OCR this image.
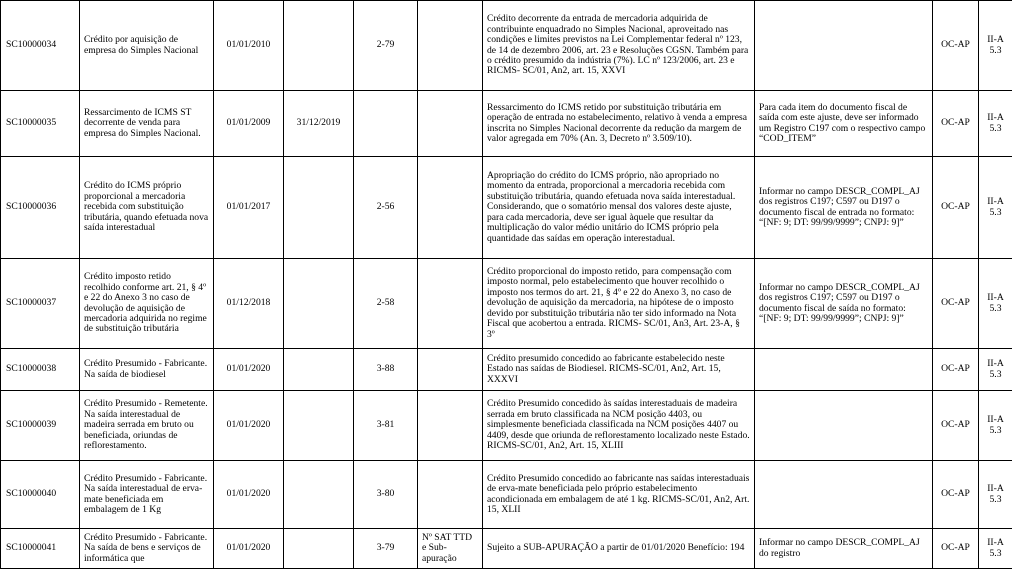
SC10000034	Crédito por aquisição de empresa do Simples Nacional	01/01/2010		2-79		Crédito decorrente da entrada de mercadoria adquirida de contribuinte enquadrado no Simples Nacional, aproveitado nas condições e limites previstos na Lei Complementar federal nº 123, de 14 de dezembro 2006, art. 23 e Resoluções CGSN. Também para o crédito presumido da indústria (7%). LC nº 123/2006, art. 23 e RICMS- SC/01, An2, art. 15, XXVI		OC-AP	II-A 5.3
SC10000035	Ressarcimento de ICMS ST decorrente de venda para empresa do Simples Nacional.	01/01/2009	31/12/2019			Ressarcimento do ICMS retido por substituição tributária em operação de entrada no estabelecimento, relativo à venda a empresa inscrita no Simples Nacional decorrente da redução da margem de valor agregada em 70% (An. 3, Decreto nº 3.509/10).	Para cada item do documento fiscal de saída com este ajuste, deve ser informado um Registro C197 com o respectivo campo “COD_ITEM”	OC-AP	II-A 5.3
SC10000036	Crédito do ICMS próprio proporcional a mercadoria recebida com substituição tributária, quando efetuada nova saída interestadual	01/01/2017		2-56		Apropriação do crédito do ICMS próprio, não apropriado no momento da entrada, proporcional a mercadoria recebida com substituição tributária, quando efetuada nova saída interestadual. Considerando, que o somatório mensal dos valores deste ajuste, para cada mercadoria, deve ser igual àquele que resultar da multiplicação do valor médio unitário do ICMS próprio pela quantidade das saídas em operação interestadual.	Informar no campo DESCR_COMPL_AJ dos registros C197; C597 ou D197 o documento fiscal de entrada no formato: “[NF: 9; DT: 99/99/9999”; CNPJ: 9]”	OC-AP	II-A 5.3
SC10000037	Crédito imposto retido recolhido conforme art. 21, § 4º e 22 do Anexo 3 no caso de devolução de aquisição de mercadoria adquirida no regime de substituição tributária	01/12/2018		2-58		Crédito proporcional do imposto retido, para compensação com imposto normal, pelo estabelecimento que houver recolhido o imposto nos termos do art. 21, § 4º e 22 do Anexo 3, no caso de devolução de aquisição da mercadoria, na hipótese de o imposto devido por substituição tributária não ter sido informado na Nota Fiscal que acobertou a entrada. RICMS- SC/01, An3, Art. 23-A, § 3º	Informar no campo DESCR_COMPL_AJ dos registros C197; C597 ou D197 o documento fiscal de saída no formato: “[NF: 9; DT: 99/99/9999”; CNPJ: 9]”	OC-AP	II-A 5.3
SC10000038	Crédito Presumido - Fabricante. Na saída de biodiesel	01/01/2020		3-88		Crédito presumido concedido ao fabricante estabelecido neste Estado nas saídas de Biodiesel. RICMS-SC/01, An2, Art. 15, XXXVI		OC-AP	II-A 5.3
SC10000039	Crédito Presumido - Remetente. Na saída interestadual de madeira serrada em bruto ou beneficiada, oriundas de reflorestamento.	01/01/2020		3-81		Crédito Presumido concedido às saídas interestaduais de madeira serrada em bruto classificada na NCM posição 4403, ou simplesmente beneficiada classificada na NCM posições 4407 ou 4409, desde que oriunda de reflorestamento localizado neste Estado. RICMS-SC/01, An2, Art. 15, XLIII		OC-AP	II-A 5.3
SC10000040	Crédito Presumido - Fabricante. Na saída interestadual de erva-mate beneficiada em embalagem de 1 Kg	01/01/2020		3-80		Crédito Presumido concedido ao fabricante nas saídas interestaduais de erva-mate beneficiada pelo próprio estabelecimento acondicionada em embalagem de até 1 kg. RICMS-SC/01, An2, Art. 15, XLII		OC-AP	II-A 5.3
SC10000041	Crédito Presumido - Fabricante. Na saída de bens e serviços de informática que	01/01/2020		3-79	Nº SAT TTD e Sub-apuração	Sujeito a SUB-APURAÇÃO a partir de 01/01/2020 Benefício: 194	Informar no campo DESCR_COMPL_AJ do registro	OC-AP	II-A 5.3
